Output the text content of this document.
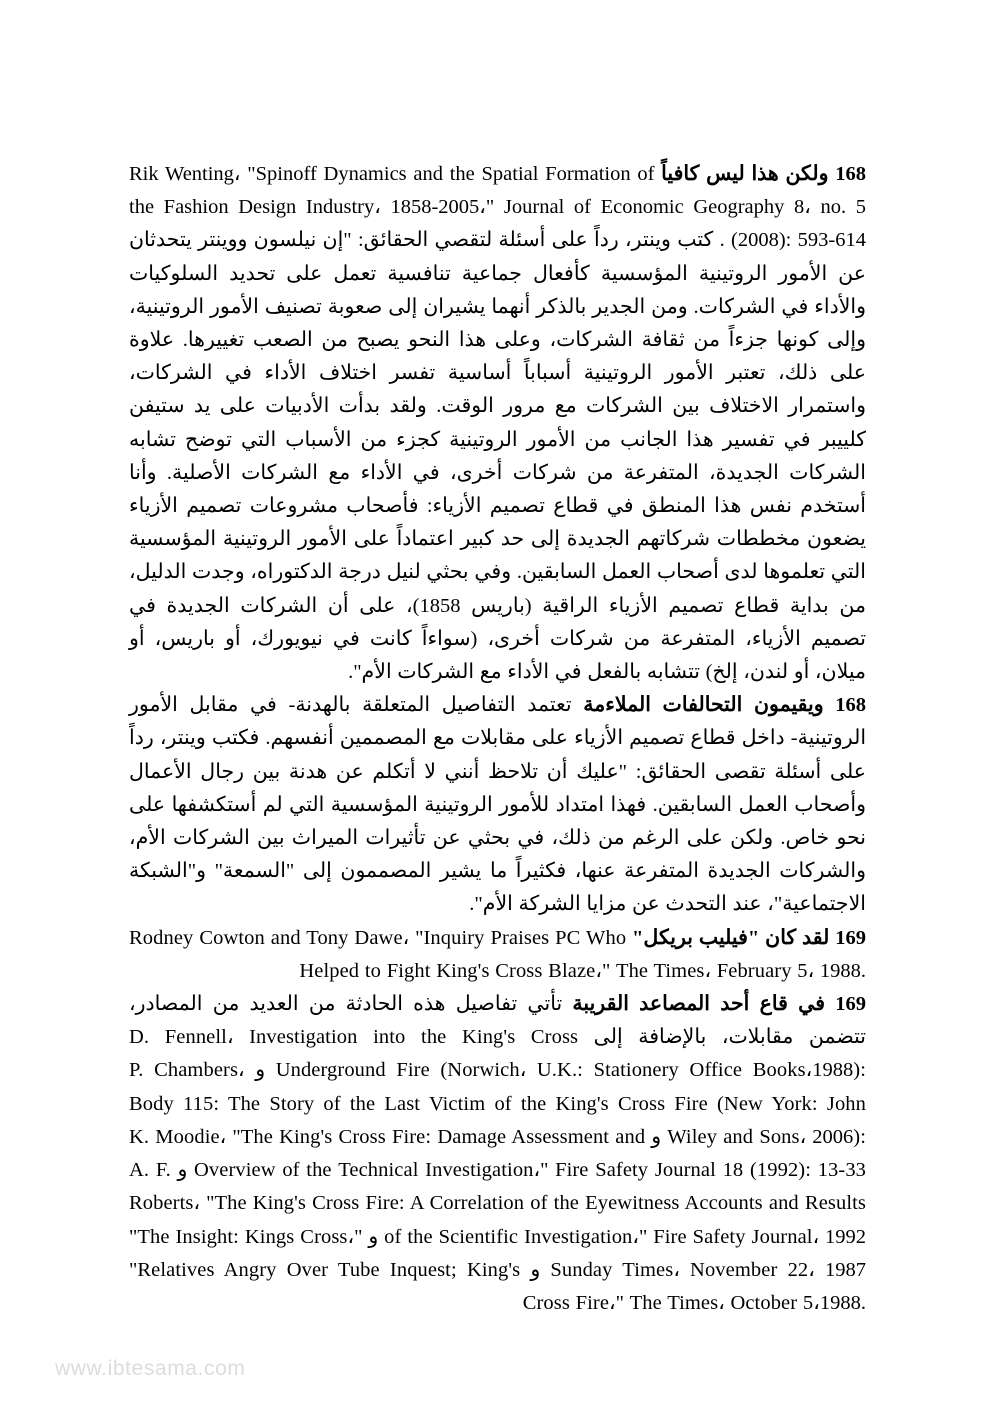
168 ولكن هذا ليس كافياً Rik Wenting، "Spinoff Dynamics and the Spatial Formation of the Fashion Design Industry، 1858-2005،" Journal of Economic Geography 8، no. 5 (2008): 593-614 . كتب وينتر، رداً على أسئلة لتقصي الحقائق: "إن نيلسون ووينتر يتحدثان عن الأمور الروتينية المؤسسية كأفعال جماعية تنافسية تعمل على تحديد السلوكيات والأداء في الشركات. ومن الجدير بالذكر أنهما يشيران إلى صعوبة تصنيف الأمور الروتينية، وإلى كونها جزءاً من ثقافة الشركات، وعلى هذا النحو يصبح من الصعب تغييرها. علاوة على ذلك، تعتبر الأمور الروتينية أسباباً أساسية تفسر اختلاف الأداء في الشركات، واستمرار الاختلاف بين الشركات مع مرور الوقت. ولقد بدأت الأدبيات على يد ستيفن كلييبر في تفسير هذا الجانب من الأمور الروتينية كجزء من الأسباب التي توضح تشابه الشركات الجديدة، المتفرعة من شركات أخرى، في الأداء مع الشركات الأصلية. وأنا أستخدم نفس هذا المنطق في قطاع تصميم الأزياء: فأصحاب مشروعات تصميم الأزياء يضعون مخططات شركاتهم الجديدة إلى حد كبير اعتماداً على الأمور الروتينية المؤسسية التي تعلموها لدى أصحاب العمل السابقين. وفي بحثي لنيل درجة الدكتوراه، وجدت الدليل، من بداية قطاع تصميم الأزياء الراقية (باريس 1858)، على أن الشركات الجديدة في تصميم الأزياء، المتفرعة من شركات أخرى، (سواءاً كانت في نيويورك، أو باريس، أو ميلان، أو لندن، إلخ) تتشابه بالفعل في الأداء مع الشركات الأم".

168 ويقيمون التحالفات الملاءمة تعتمد التفاصيل المتعلقة بالهدنة- في مقابل الأمور الروتينية- داخل قطاع تصميم الأزياء على مقابلات مع المصممين أنفسهم. فكتب وينتر، رداً على أسئلة تقصى الحقائق: "عليك أن تلاحظ أنني لا أتكلم عن هدنة بين رجال الأعمال وأصحاب العمل السابقين. فهذا امتداد للأمور الروتينية المؤسسية التي لم أستكشفها على نحو خاص. ولكن على الرغم من ذلك، في بحثي عن تأثيرات الميراث بين الشركات الأم، والشركات الجديدة المتفرعة عنها، فكثيراً ما يشير المصممون إلى "السمعة" و"الشبكة الاجتماعية"، عند التحدث عن مزايا الشركة الأم".

169 لقد كان "فيليب بريكل" Rodney Cowton and Tony Dawe، "Inquiry Praises PC Who Helped to Fight King's Cross Blaze،" The Times، February 5، 1988.

169 في قاع أحد المصاعد القريبة تأتي تفاصيل هذه الحادثة من العديد من المصادر، تتضمن مقابلات، بالإضافة إلى D. Fennell، Investigation into the King's Cross Underground Fire (Norwich، U.K.: Stationery Office Books،1988): و P. Chambers، Body 115: The Story of the Last Victim of the King's Cross Fire (New York: John Wiley and Sons، 2006): و K. Moodie، "The King's Cross Fire: Damage Assessment and Overview of the Technical Investigation،" Fire Safety Journal 18 (1992): 13-33 و A. F. Roberts، "The King's Cross Fire: A Correlation of the Eyewitness Accounts and Results of the Scientific Investigation،" Fire Safety Journal، 1992 و "The Insight: Kings Cross،" Sunday Times، November 22، 1987 و "Relatives Angry Over Tube Inquest; King's Cross Fire،" The Times، October 5،1988.

www.ibtesama.com
